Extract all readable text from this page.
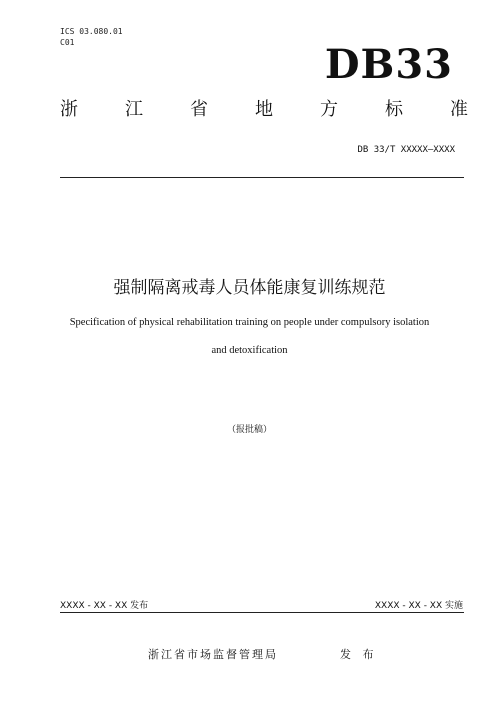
ICS 03.080.01
C01	DB33
浙	江	省	地	方	标	准
DB 33/T XXXXX—XXXX
强制隔离戒毒人员体能康复训练规范
Specification of physical rehabilitation training on people under compulsory isolation
and detoxification
（报批稿）
XXXX - XX - XX 发布	XXXX - XX - XX 实施
浙江省市场监督管理局	发 布
